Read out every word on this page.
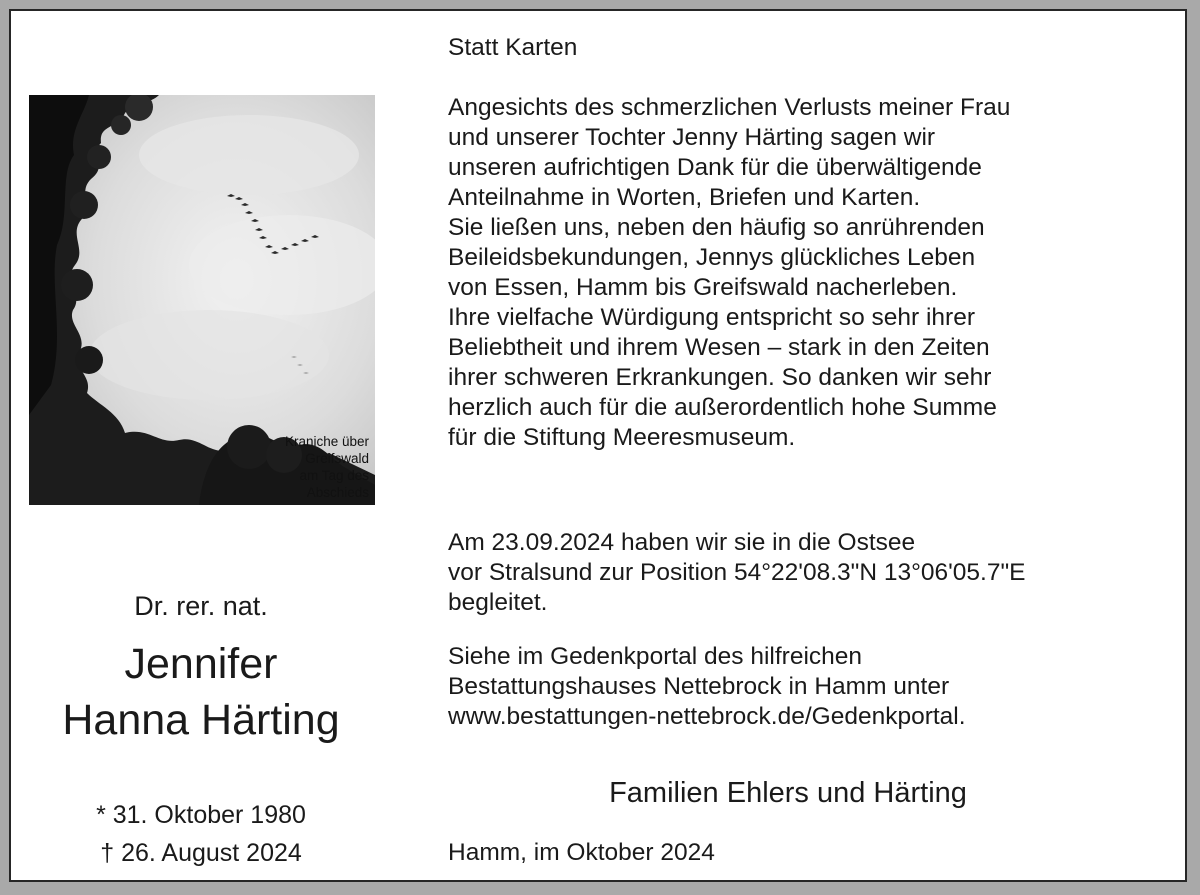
Kraniche über
Greifswald
am Tag des
Abschieds
Dr. rer. nat.
Jennifer
Hanna Härting
* 31. Oktober 1980
† 26. August 2024
Statt Karten
Angesichts des schmerzlichen Verlusts meiner Frau
und unserer Tochter Jenny Härting sagen wir
unseren aufrichtigen Dank für die überwältigende
Anteilnahme in Worten, Briefen und Karten.
Sie ließen uns, neben den häufig so anrührenden
Beileidsbekundungen, Jennys glückliches Leben
von Essen, Hamm bis Greifswald nacherleben.
Ihre vielfache Würdigung entspricht so sehr ihrer
Beliebtheit und ihrem Wesen – stark in den Zeiten
ihrer schweren Erkrankungen. So danken wir sehr
herzlich auch für die außerordentlich hohe Summe
für die Stiftung Meeresmuseum.
Am 23.09.2024 haben wir sie in die Ostsee
vor Stralsund zur Position 54°22'08.3"N 13°06'05.7"E
begleitet.
Siehe im Gedenkportal des hilfreichen
Bestattungshauses Nettebrock in Hamm unter
www.bestattungen-nettebrock.de/Gedenkportal.
Familien Ehlers und Härting
Hamm, im Oktober 2024
